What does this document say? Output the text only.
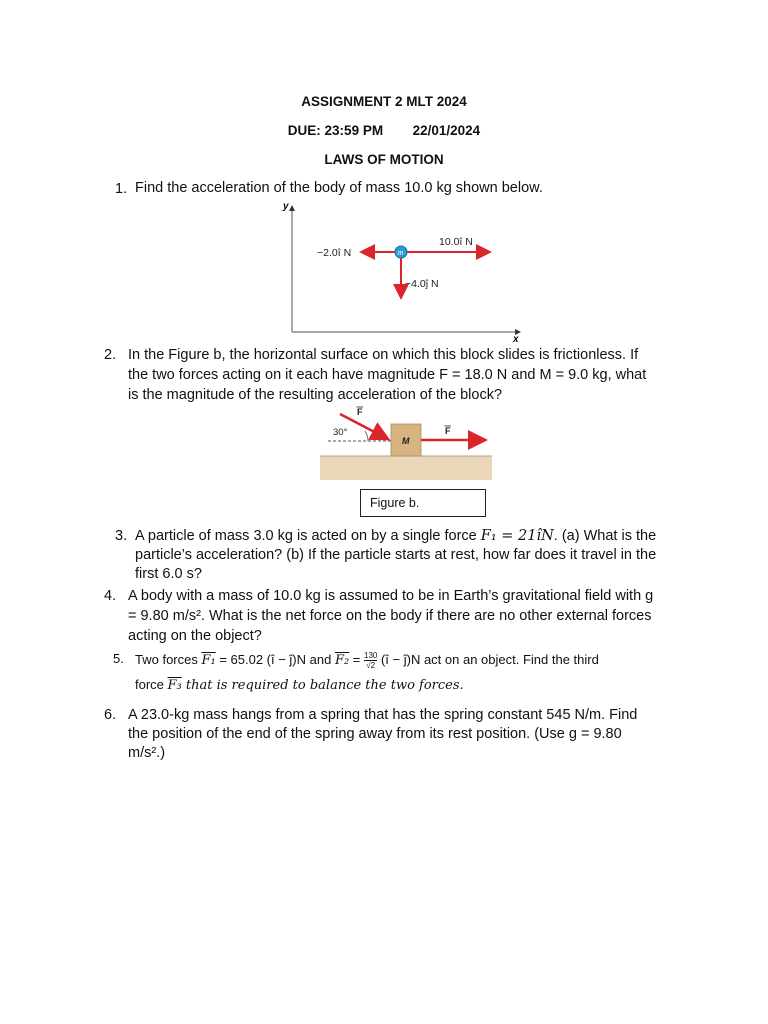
ASSIGNMENT 2 MLT 2024
DUE: 23:59 PM 22/01/2024
LAWS OF MOTION
1. Find the acceleration of the body of mass 10.0 kg shown below.
y
x
m
−2.0î N
10.0î N
−4.0ĵ N
2. In the Figure b, the horizontal surface on which this block slides is frictionless. If
the two forces acting on it each have magnitude F = 18.0 N and M = 9.0 kg, what
is the magnitude of the resulting acceleration of the block?
M
30°
F
F
Figure b.
3. A particle of mass 3.0 kg is acted on by a single force F₁ = 21îN. (a) What is the
particle’s acceleration? (b) If the particle starts at rest, how far does it travel in the
first 6.0 s?
4. A body with a mass of 10.0 kg is assumed to be in Earth’s gravitational field with g
= 9.80 m/s². What is the net force on the body if there are no other external forces
acting on the object?
5. Two forces F₁ = 65.02 (î − ĵ)N and $F_2 = \frac{130}{√2}$ (î − ĵ)N act on an object. Find the third
force F₃ that is required to balance the two forces.
6. A 23.0-kg mass hangs from a spring that has the spring constant 545 N/m. Find
the position of the end of the spring away from its rest position. (Use g = 9.80
m/s².)
